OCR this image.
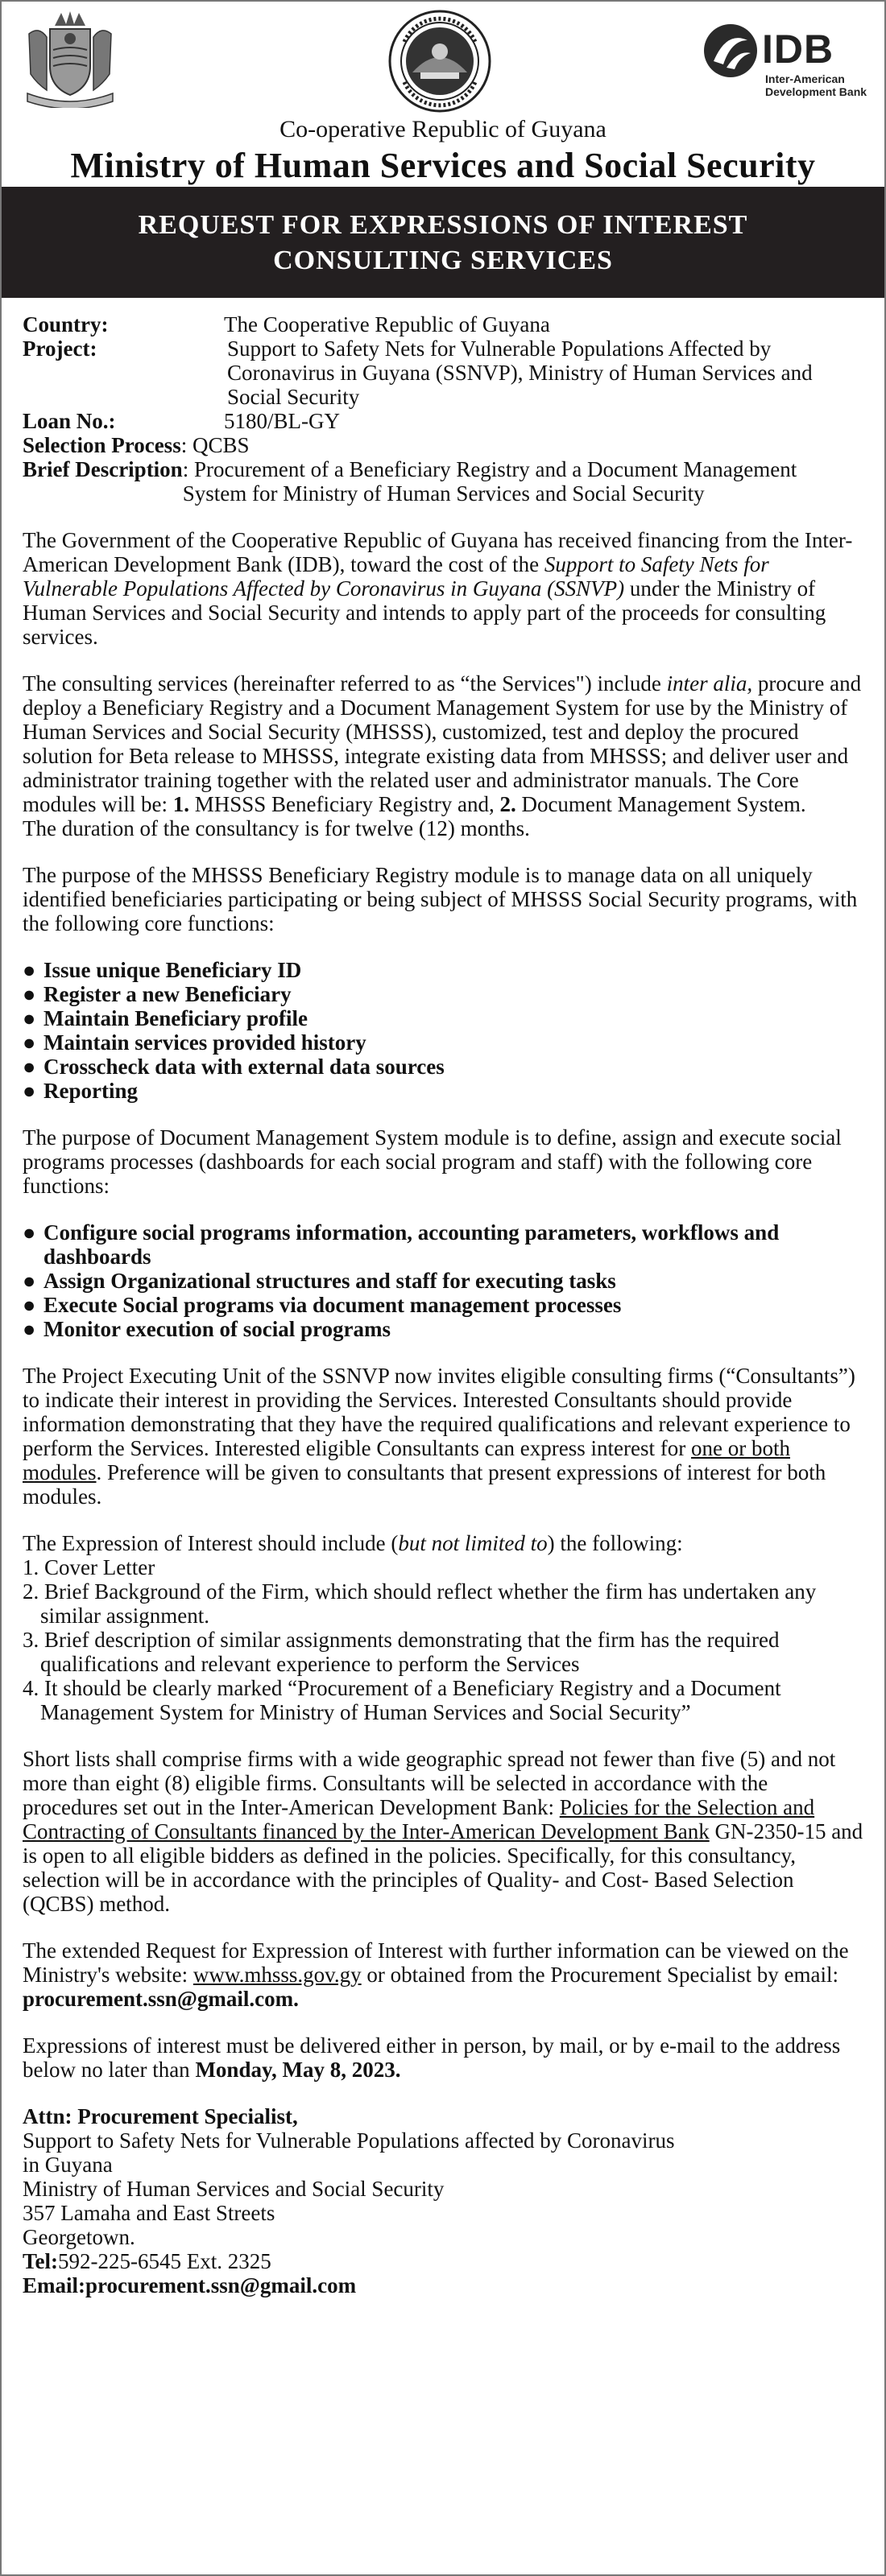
IDB
Inter-American
Development Bank
Co-operative Republic of Guyana
Ministry of Human Services and Social Security
REQUEST FOR EXPRESSIONS OF INTEREST
CONSULTING SERVICES
Country:	The Cooperative Republic of Guyana
Project:	Support to Safety Nets for Vulnerable Populations Affected by Coronavirus in Guyana (SSNVP), Ministry of Human Services and Social Security
Loan No.:	5180/BL-GY
Selection Process : QCBS
Brief Description : Procurement of a Beneficiary Registry and a Document Management System for Ministry of Human Services and Social Security

The Government of the Cooperative Republic of Guyana has received financing from the Inter-American Development Bank (IDB), toward the cost of the Support to Safety Nets for Vulnerable Populations Affected by Coronavirus in Guyana (SSNVP) under the Ministry of Human Services and Social Security and intends to apply part of the proceeds for consulting services.

The consulting services (hereinafter referred to as “the Services") include inter alia, procure and deploy a Beneficiary Registry and a Document Management System for use by the Ministry of Human Services and Social Security (MHSSS), customized, test and deploy the procured solution for Beta release to MHSSS, integrate existing data from MHSSS; and deliver user and administrator training together with the related user and administrator manuals. The Core modules will be: 1. MHSSS Beneficiary Registry and, 2. Document Management System.
The duration of the consultancy is for twelve (12) months.

The purpose of the MHSSS Beneficiary Registry module is to manage data on all uniquely identified beneficiaries participating or being subject of MHSSS Social Security programs, with the following core functions:

● Issue unique Beneficiary ID
● Register a new Beneficiary
● Maintain Beneficiary profile
● Maintain services provided history
● Crosscheck data with external data sources
● Reporting

The purpose of Document Management System module is to define, assign and execute social programs processes (dashboards for each social program and staff) with the following core functions:

● Configure social programs information, accounting parameters, workflows and dashboards
● Assign Organizational structures and staff for executing tasks
● Execute Social programs via document management processes
● Monitor execution of social programs

The Project Executing Unit of the SSNVP now invites eligible consulting firms (“Consultants”) to indicate their interest in providing the Services. Interested Consultants should provide information demonstrating that they have the required qualifications and relevant experience to perform the Services. Interested eligible Consultants can express interest for one or both modules. Preference will be given to consultants that present expressions of interest for both modules.

The Expression of Interest should include (but not limited to) the following:
1. Cover Letter
2. Brief Background of the Firm, which should reflect whether the firm has undertaken any similar assignment.
3. Brief description of similar assignments demonstrating that the firm has the required qualifications and relevant experience to perform the Services
4. It should be clearly marked “Procurement of a Beneficiary Registry and a Document Management System for Ministry of Human Services and Social Security”

Short lists shall comprise firms with a wide geographic spread not fewer than five (5) and not more than eight (8) eligible firms. Consultants will be selected in accordance with the procedures set out in the Inter-American Development Bank: Policies for the Selection and Contracting of Consultants financed by the Inter-American Development Bank GN-2350-15 and is open to all eligible bidders as defined in the policies. Specifically, for this consultancy, selection will be in accordance with the principles of Quality- and Cost- Based Selection (QCBS) method.

The extended Request for Expression of Interest with further information can be viewed on the Ministry's website: www.mhsss.gov.gy or obtained from the Procurement Specialist by email: procurement.ssn@gmail.com.

Expressions of interest must be delivered either in person, by mail, or by e-mail to the address below no later than Monday, May 8, 2023.

Attn: Procurement Specialist,
Support to Safety Nets for Vulnerable Populations affected by Coronavirus
in Guyana
Ministry of Human Services and Social Security
357 Lamaha and East Streets
Georgetown.
Tel:592-225-6545 Ext. 2325
Email:procurement.ssn@gmail.com
